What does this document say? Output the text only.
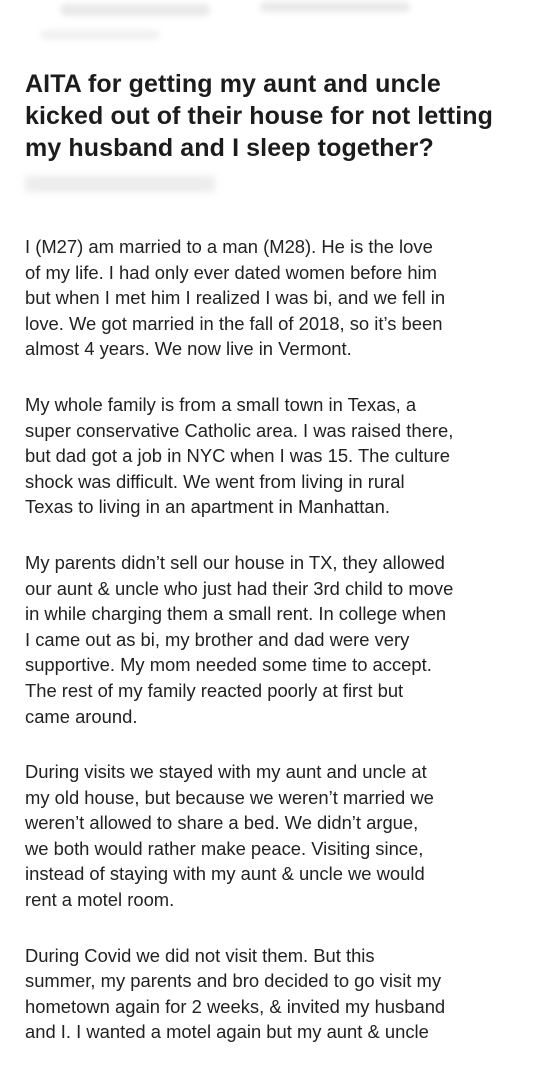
AITA for getting my aunt and uncle
kicked out of their house for not letting
my husband and I sleep together?

I (M27) am married to a man (M28). He is the love
of my life. I had only ever dated women before him
but when I met him I realized I was bi, and we fell in
love. We got married in the fall of 2018, so it’s been
almost 4 years. We now live in Vermont.

My whole family is from a small town in Texas, a
super conservative Catholic area. I was raised there,
but dad got a job in NYC when I was 15. The culture
shock was difficult. We went from living in rural
Texas to living in an apartment in Manhattan.

My parents didn’t sell our house in TX, they allowed
our aunt & uncle who just had their 3rd child to move
in while charging them a small rent. In college when
I came out as bi, my brother and dad were very
supportive. My mom needed some time to accept.
The rest of my family reacted poorly at first but
came around.

During visits we stayed with my aunt and uncle at
my old house, but because we weren’t married we
weren’t allowed to share a bed. We didn’t argue,
we both would rather make peace. Visiting since,
instead of staying with my aunt & uncle we would
rent a motel room.

During Covid we did not visit them. But this
summer, my parents and bro decided to go visit my
hometown again for 2 weeks, & invited my husband
and I. I wanted a motel again but my aunt & uncle
